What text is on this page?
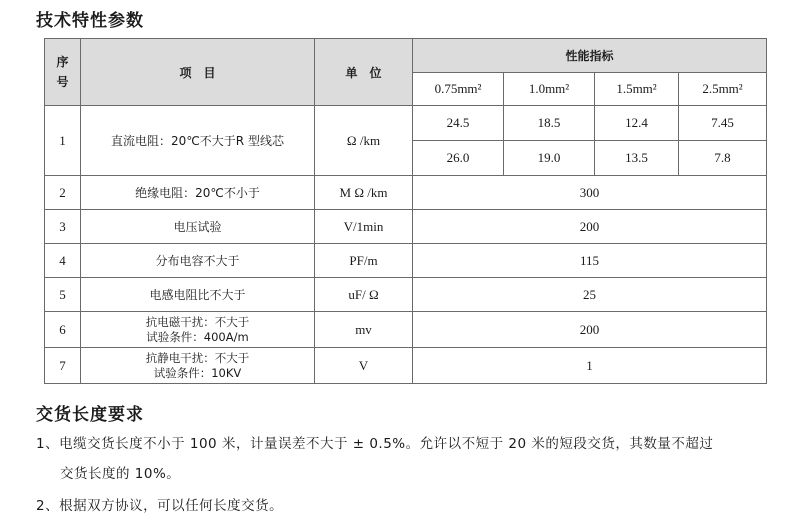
技术特性参数
序号	项　目	单　位	性能指标			
			0.75mm²	1.0mm²	1.5mm²	2.5mm²
1	直流电阻：20℃不大于R 型线芯	Ω /km	24.5	18.5	12.4	7.45
			26.0	19.0	13.5	7.8
2	绝缘电阻：20℃不小于	M Ω /km	300			
3	电压试验	V/1min	200			
4	分布电容不大于	PF/m	115			
5	电感电阻比不大于	uF/ Ω	25			
6	抗电磁干扰：不大于
试验条件：400A/m	mv	200			
7	抗静电干扰：不大于
试验条件：10KV	V	1			
交货长度要求
1、电缆交货长度不小于 100 米，计量误差不大于 ± 0.5%。允许以不短于 20 米的短段交货，其数量不超过
交货长度的 10%。
2、根据双方协议，可以任何长度交货。
